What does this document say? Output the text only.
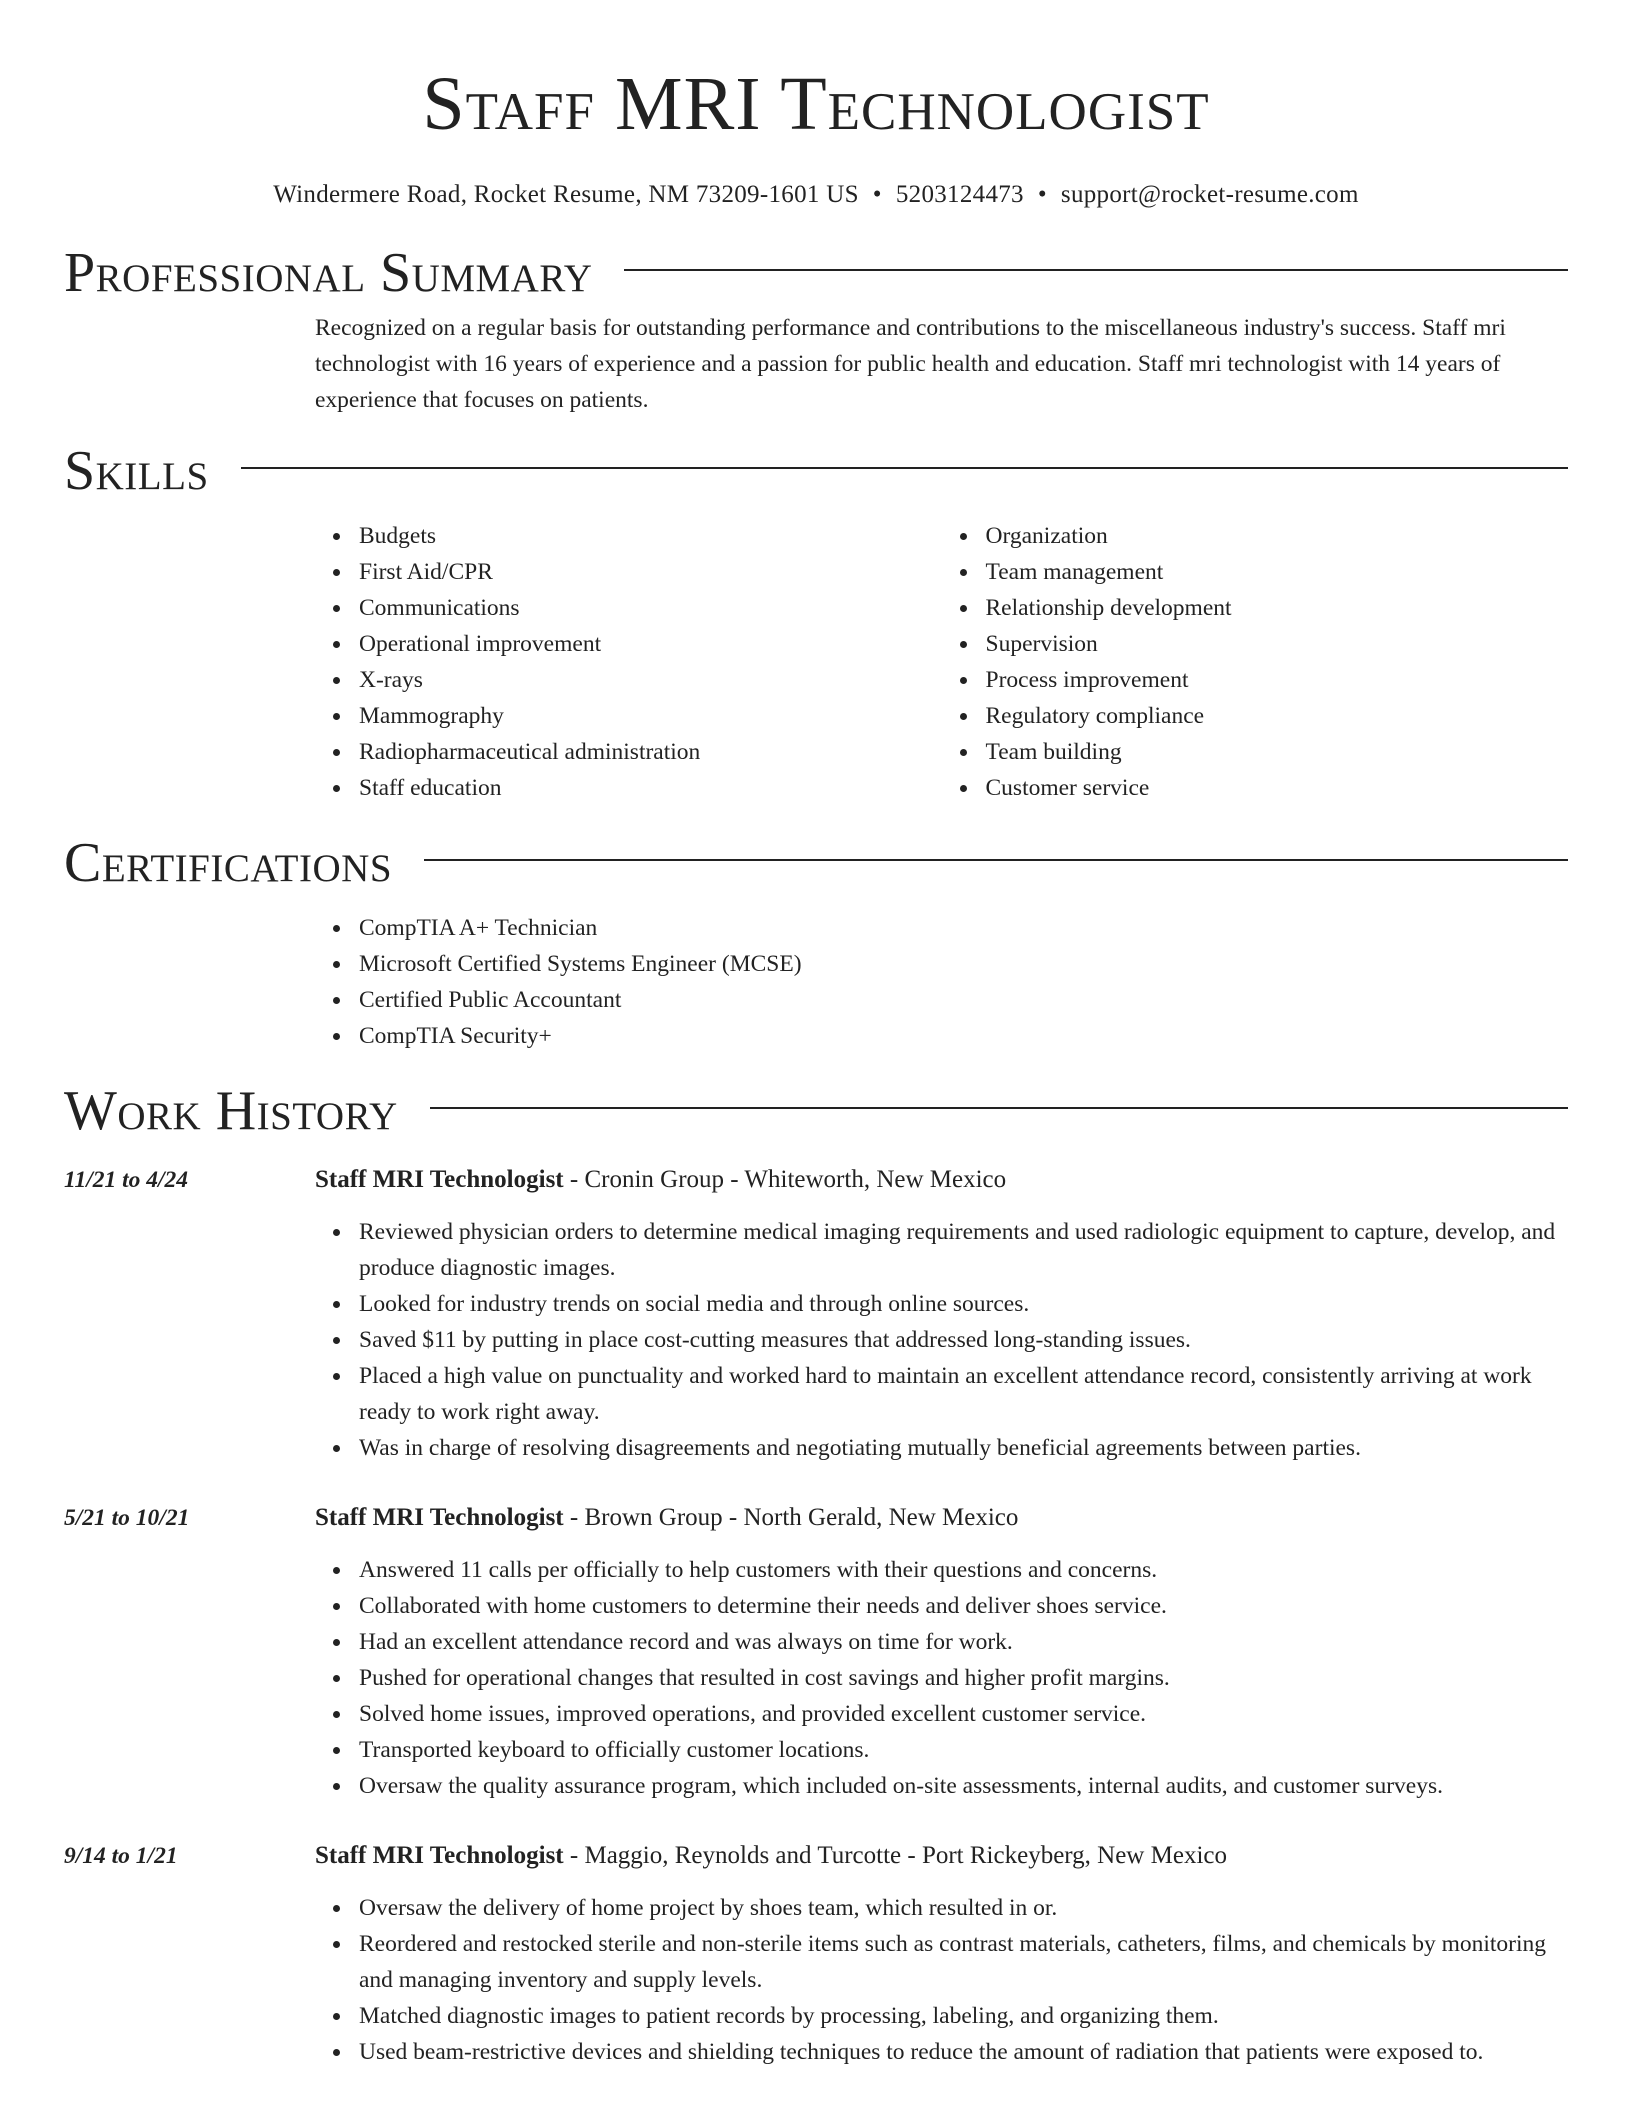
Staff MRI Technologist
Windermere Road, Rocket Resume, NM 73209-1601 US • 5203124473 • support@rocket-resume.com
Professional Summary

Recognized on a regular basis for outstanding performance and contributions to the miscellaneous industry's success. Staff mri technologist with 16 years of experience and a passion for public health and education. Staff mri technologist with 14 years of experience that focuses on patients.

Skills
Budgets
First Aid/CPR
Communications
Operational improvement
X-rays
Mammography
Radiopharmaceutical administration
Staff education
Organization
Team management
Relationship development
Supervision
Process improvement
Regulatory compliance
Team building
Customer service
Certifications
CompTIA A+ Technician
Microsoft Certified Systems Engineer (MCSE)
Certified Public Accountant
CompTIA Security+
Work History
11/21 to 4/24	Staff MRI Technologist - Cronin Group - Whiteworth, New Mexico
Reviewed physician orders to determine medical imaging requirements and used radiologic equipment to capture, develop, and produce diagnostic images.
Looked for industry trends on social media and through online sources.
Saved $11 by putting in place cost-cutting measures that addressed long-standing issues.
Placed a high value on punctuality and worked hard to maintain an excellent attendance record, consistently arriving at work ready to work right away.
Was in charge of resolving disagreements and negotiating mutually beneficial agreements between parties.
5/21 to 10/21	Staff MRI Technologist - Brown Group - North Gerald, New Mexico
Answered 11 calls per officially to help customers with their questions and concerns.
Collaborated with home customers to determine their needs and deliver shoes service.
Had an excellent attendance record and was always on time for work.
Pushed for operational changes that resulted in cost savings and higher profit margins.
Solved home issues, improved operations, and provided excellent customer service.
Transported keyboard to officially customer locations.
Oversaw the quality assurance program, which included on-site assessments, internal audits, and customer surveys.
9/14 to 1/21	Staff MRI Technologist - Maggio, Reynolds and Turcotte - Port Rickeyberg, New Mexico
Oversaw the delivery of home project by shoes team, which resulted in or.
Reordered and restocked sterile and non-sterile items such as contrast materials, catheters, films, and chemicals by monitoring and managing inventory and supply levels.
Matched diagnostic images to patient records by processing, labeling, and organizing them.
Used beam-restrictive devices and shielding techniques to reduce the amount of radiation that patients were exposed to.
